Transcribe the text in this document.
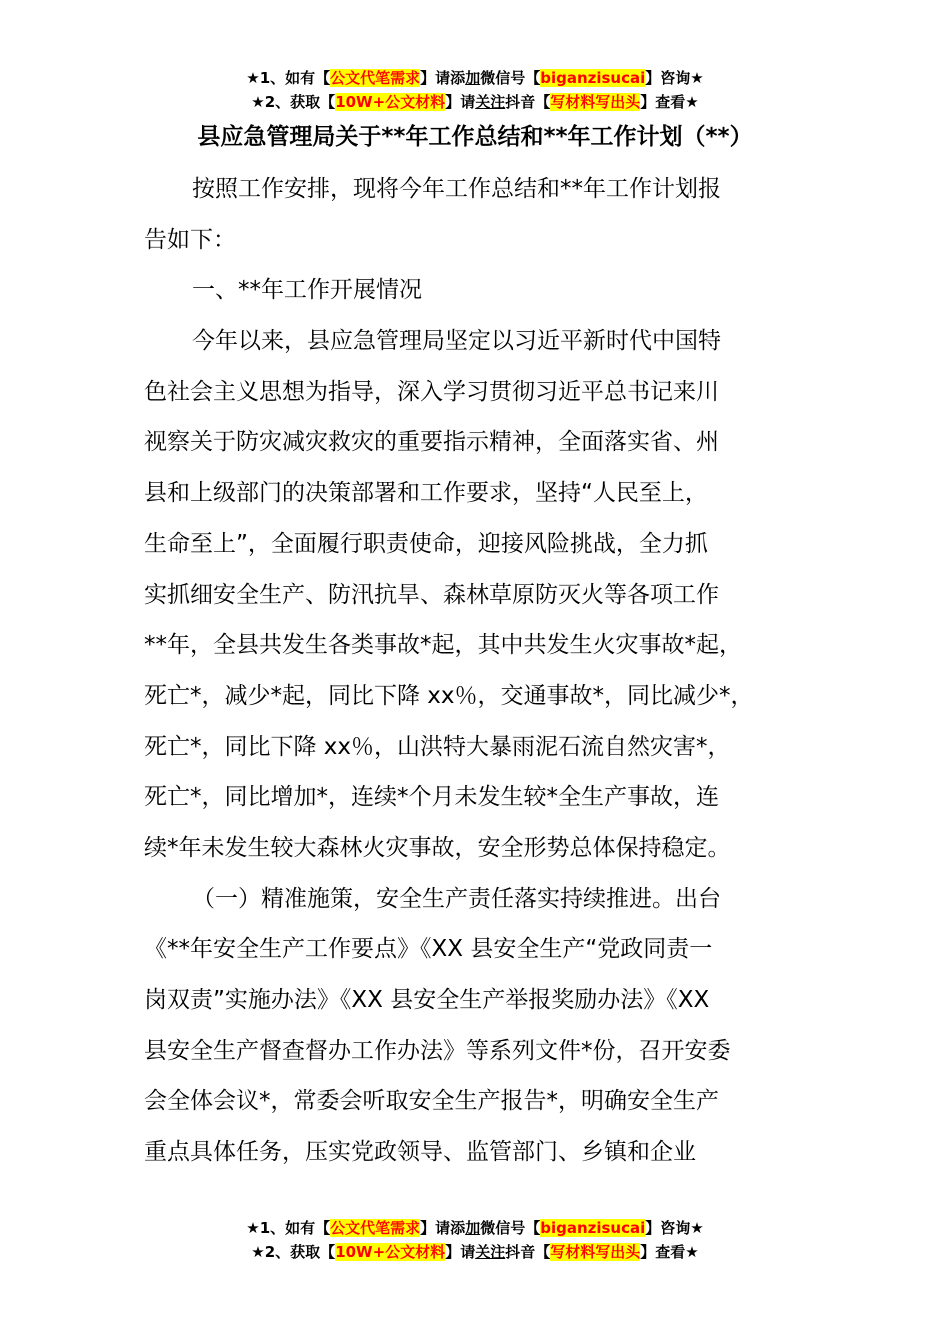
★1、如有【公文代笔需求】请添加微信号【biganzisucai】咨询★
★2、获取【10W+公文材料】请关注抖音【写材料写出头】查看★
县应急管理局关于**年工作总结和**年工作计划（**）
按照工作安排，现将今年工作总结和**年工作计划报
告如下：
一、**年工作开展情况
今年以来，县应急管理局坚定以习近平新时代中国特
色社会主义思想为指导，深入学习贯彻习近平总书记来川
视察关于防灾减灾救灾的重要指示精神，全面落实省、州
县和上级部门的决策部署和工作要求，坚持“人民至上，
生命至上”，全面履行职责使命，迎接风险挑战，全力抓
实抓细安全生产、防汛抗旱、森林草原防灭火等各项工作
**年，全县共发生各类事故*起，其中共发生火灾事故*起，
死亡*，减少*起，同比下降 xx％，交通事故*，同比减少*，
死亡*，同比下降 xx％，山洪特大暴雨泥石流自然灾害*，
死亡*，同比增加*，连续*个月未发生较*全生产事故，连
续*年未发生较大森林火灾事故，安全形势总体保持稳定。
（一）精准施策，安全生产责任落实持续推进。出台
《**年安全生产工作要点》《XX 县安全生产“党政同责一
岗双责”实施办法》《XX 县安全生产举报奖励办法》《XX
县安全生产督查督办工作办法》等系列文件*份，召开安委
会全体会议*，常委会听取安全生产报告*，明确安全生产
重点具体任务，压实党政领导、监管部门、乡镇和企业
★1、如有【公文代笔需求】请添加微信号【biganzisucai】咨询★
★2、获取【10W+公文材料】请关注抖音【写材料写出头】查看★
